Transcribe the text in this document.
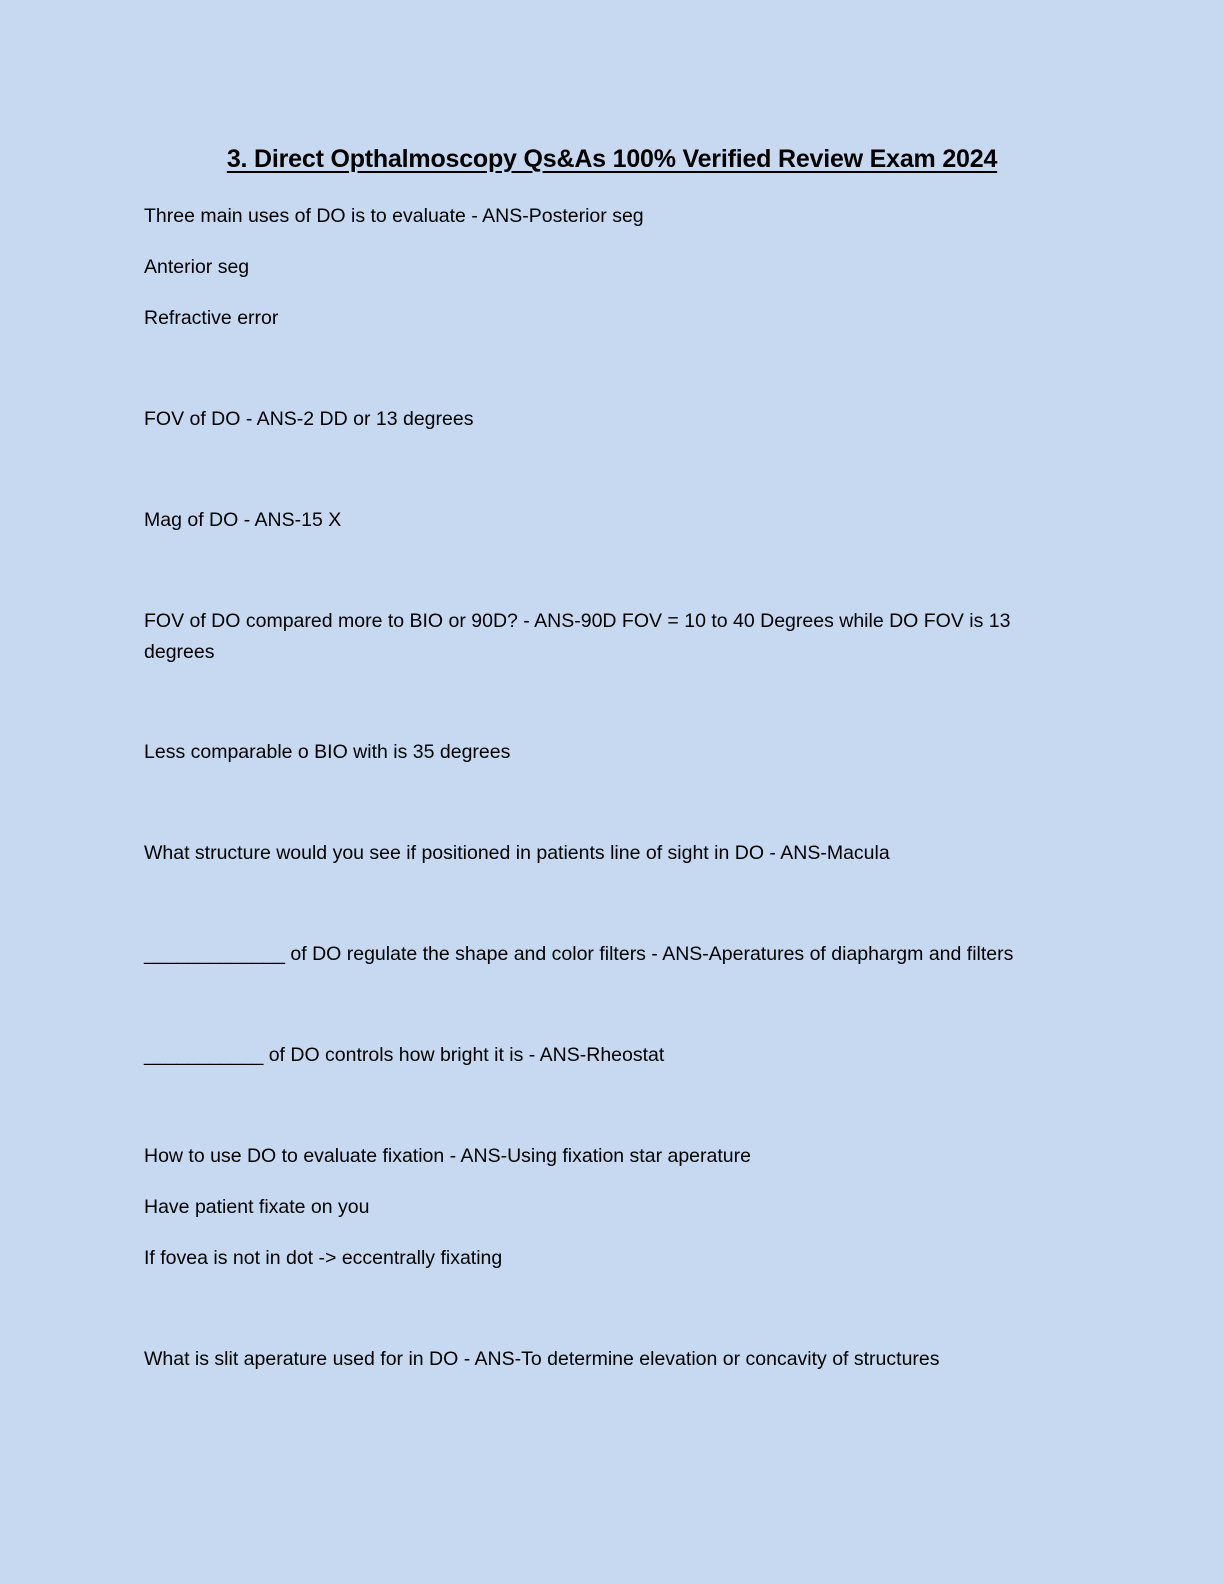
3. Direct Opthalmoscopy Qs&As 100% Verified Review Exam 2024
Three main uses of DO is to evaluate - ANS-Posterior seg
Anterior seg
Refractive error
FOV of DO - ANS-2 DD or 13 degrees
Mag of DO - ANS-15 X
FOV of DO compared more to BIO or 90D? - ANS-90D FOV = 10 to 40 Degrees while DO FOV is 13 degrees
Less comparable o BIO with is 35 degrees
What structure would you see if positioned in patients line of sight in DO - ANS-Macula
_____________ of DO regulate the shape and color filters - ANS-Aperatures of diaphargm and filters
___________ of DO controls how bright it is - ANS-Rheostat
How to use DO to evaluate fixation - ANS-Using fixation star aperature
Have patient fixate on you
If fovea is not in dot -> eccentrally fixating
What is slit aperature used for in DO - ANS-To determine elevation or concavity of structures
